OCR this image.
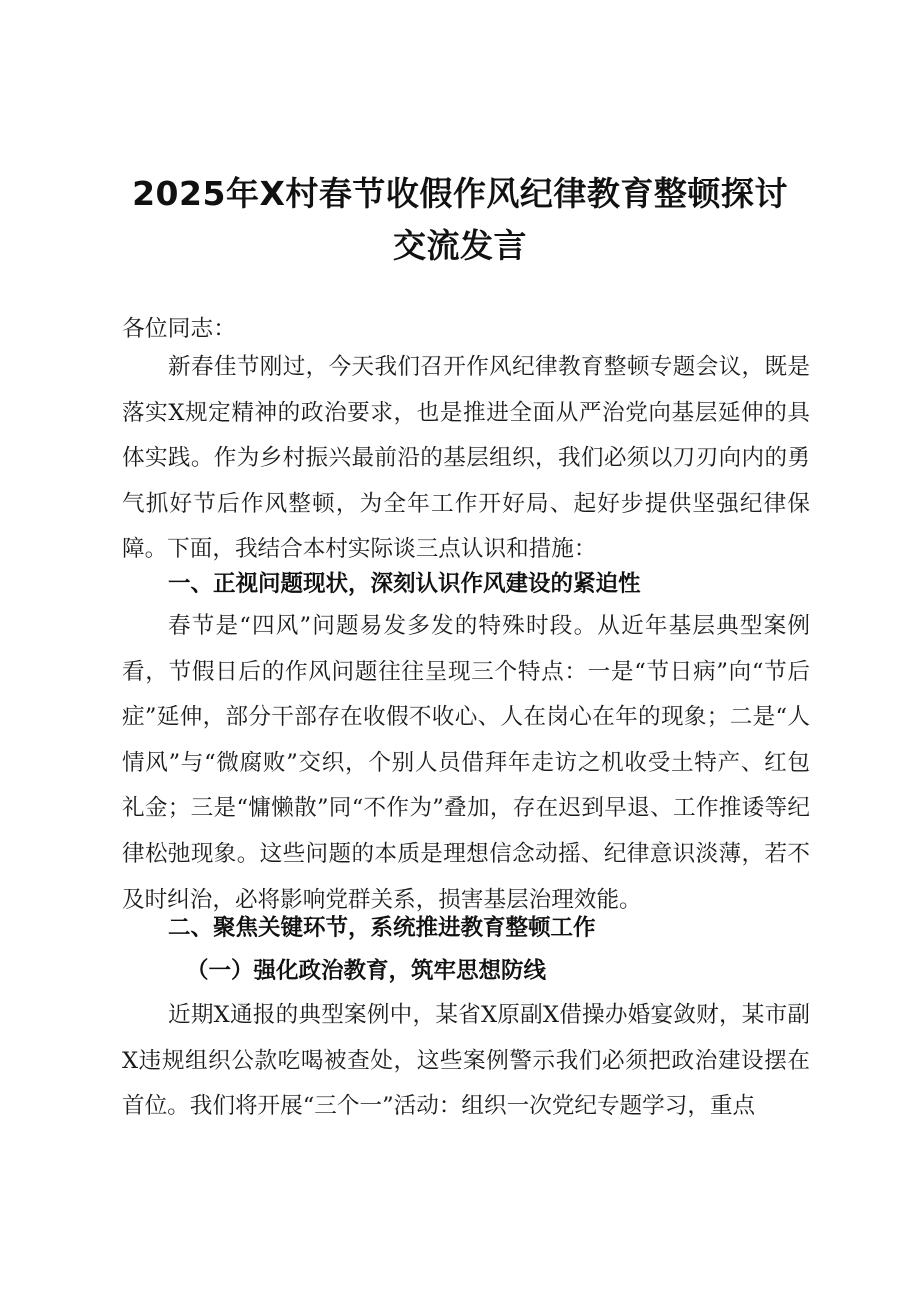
2025年X村春节收假作风纪律教育整顿探讨
交流发言

各位同志：

新春佳节刚过，今天我们召开作风纪律教育整顿专题会议，既是落实X规定精神的政治要求，也是推进全面从严治党向基层延伸的具体实践。作为乡村振兴最前沿的基层组织，我们必须以刀刃向内的勇气抓好节后作风整顿，为全年工作开好局、起好步提供坚强纪律保障。下面，我结合本村实际谈三点认识和措施：

一、正视问题现状，深刻认识作风建设的紧迫性

春节是“四风”问题易发多发的特殊时段。从近年基层典型案例看，节假日后的作风问题往往呈现三个特点：一是“节日病”向“节后症”延伸，部分干部存在收假不收心、人在岗心在年的现象；二是“人情风”与“微腐败”交织，个别人员借拜年走访之机收受土特产、红包礼金；三是“慵懒散”同“不作为”叠加，存在迟到早退、工作推诿等纪律松弛现象。这些问题的本质是理想信念动摇、纪律意识淡薄，若不及时纠治，必将影响党群关系，损害基层治理效能。

二、聚焦关键环节，系统推进教育整顿工作
（一）强化政治教育，筑牢思想防线

近期X通报的典型案例中，某省X原副X借操办婚宴敛财，某市副X违规组织公款吃喝被查处，这些案例警示我们必须把政治建设摆在首位。我们将开展“三个一”活动：组织一次党纪专题学习，重点
